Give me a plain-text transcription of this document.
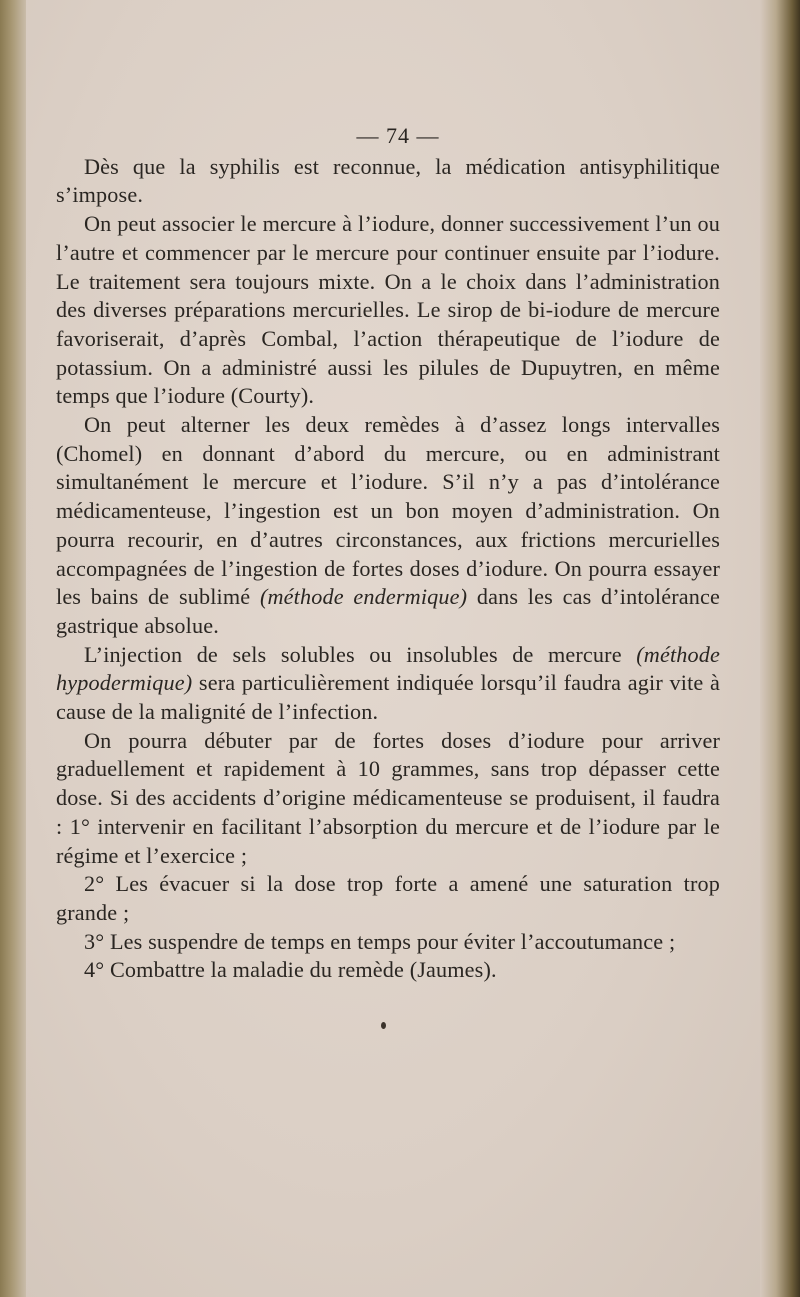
— 74 —

Dès que la syphilis est reconnue, la médication antisyphilitique s’impose.

On peut associer le mercure à l’iodure, donner successivement l’un ou l’autre et commencer par le mercure pour continuer ensuite par l’iodure. Le traitement sera toujours mixte. On a le choix dans l’administration des diverses préparations mercurielles. Le sirop de bi-iodure de mercure favoriserait, d’après Combal, l’action thérapeutique de l’iodure de potassium. On a administré aussi les pilules de Dupuytren, en même temps que l’iodure (Courty).

On peut alterner les deux remèdes à d’assez longs intervalles (Chomel) en donnant d’abord du mercure, ou en administrant simultanément le mercure et l’iodure. S’il n’y a pas d’intolérance médicamenteuse, l’ingestion est un bon moyen d’administration. On pourra recourir, en d’autres circonstances, aux frictions mercurielles accompagnées de l’ingestion de fortes doses d’iodure. On pourra essayer les bains de sublimé (méthode endermique) dans les cas d’intolérance gastrique absolue.

L’injection de sels solubles ou insolubles de mercure (méthode hypodermique) sera particulièrement indiquée lorsqu’il faudra agir vite à cause de la malignité de l’infection.

On pourra débuter par de fortes doses d’iodure pour arriver graduellement et rapidement à 10 grammes, sans trop dépasser cette dose. Si des accidents d’origine médicamenteuse se produisent, il faudra : 1° intervenir en facilitant l’absorption du mercure et de l’iodure par le régime et l’exercice ;

2° Les évacuer si la dose trop forte a amené une saturation trop grande ;

3° Les suspendre de temps en temps pour éviter l’accoutumance ;

4° Combattre la maladie du remède (Jaumes).
